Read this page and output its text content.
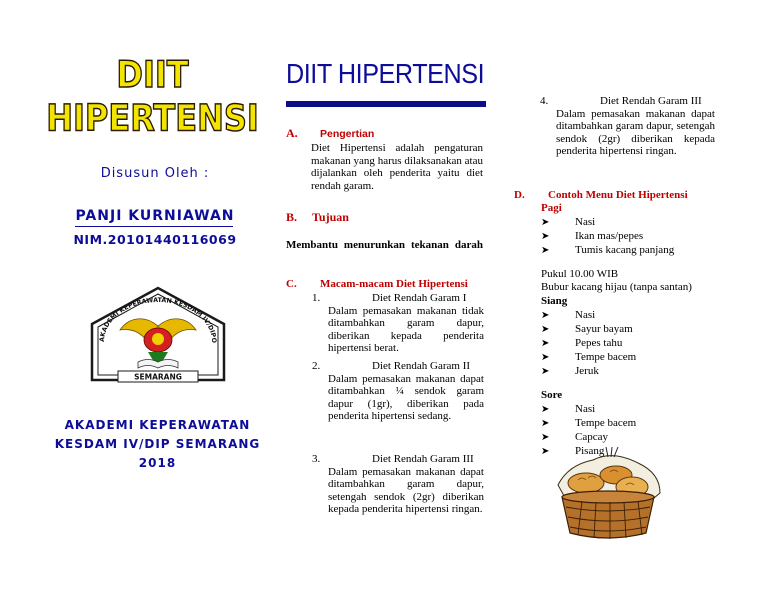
DIIT HIPERTENSI
Disusun Oleh :
PANJI KURNIAWAN
NIM.20101440116069
AKADEMI KEPERAWATAN KESDAM IV/DIPO
SEMARANG
AKADEMI KEPERAWATAN
KESDAM IV/DIP SEMARANG
2018
DIIT HIPERTENSI
A. Pengertian
Diet Hipertensi adalah pengaturan makanan yang harus dilaksanakan atau dijalankan oleh penderita yaitu diet rendah garam.
B. Tujuan
Membantu menurunkan tekanan darah
C. Macam-macam Diet Hipertensi
1.	Diet Rendah Garam I
Dalam pemasakan makanan tidak ditambahkan garam dapur, diberikan kepada penderita hipertensi berat.
2.	Diet Rendah Garam II
Dalam pemasakan makanan dapat ditambahkan ¼ sendok garam dapur (1gr), diberikan pada penderita hipertensi sedang.
3.	Diet Rendah Garam III
Dalam pemasakan makanan dapat ditambahkan garam dapur, setengah sendok (2gr) diberikan kepada penderita hipertensi ringan.
4.	Diet Rendah Garam III
Dalam pemasakan makanan dapat ditambahkan garam dapur, setengah sendok (2gr) diberikan kepada penderita hipertensi ringan.
D. Contoh Menu Diet Hipertensi
Pagi
➤ Nasi
➤ Ikan mas/pepes
➤ Tumis kacang panjang
Pukul 10.00 WIB
Bubur kacang hijau (tanpa santan)
Siang
➤ Nasi
➤ Sayur bayam
➤ Pepes tahu
➤ Tempe bacem
➤ Jeruk
Sore
➤ Nasi
➤ Tempe bacem
➤ Capcay
➤ Pisang
